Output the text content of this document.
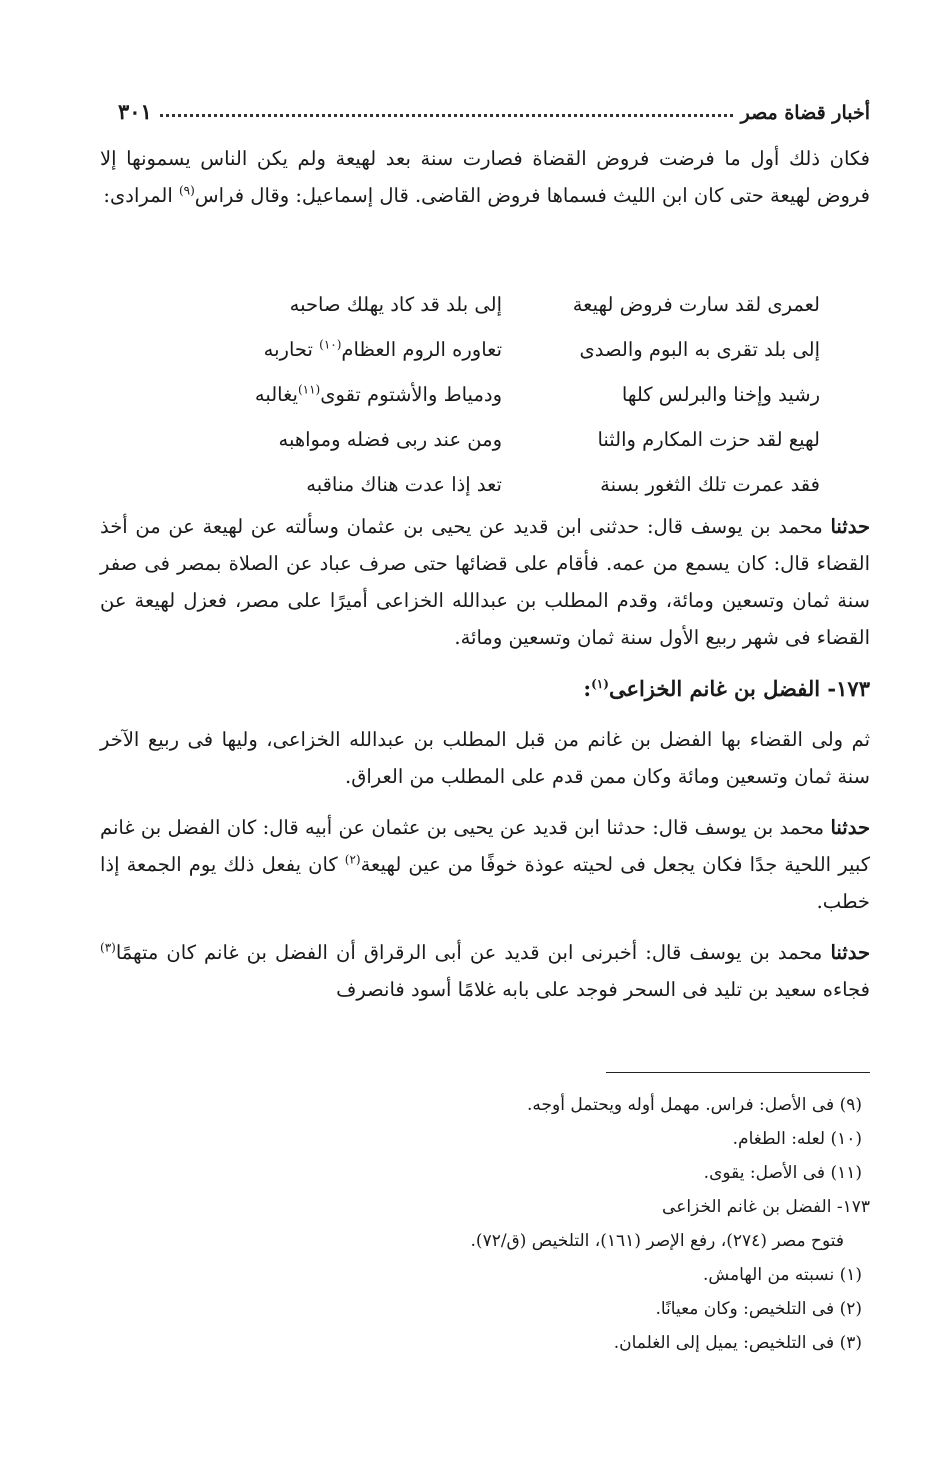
أخبار قضاة مصر
٣٠١

فكان ذلك أول ما فرضت فروض القضاة فصارت سنة بعد لهيعة ولم يكن الناس يسمونها إلا فروض لهيعة حتى كان ابن الليث فسماها فروض القاضى. قال إسماعيل: وقال فراس$^{(٩)}$ المرادى:

لعمرى لقد سارت فروض لهيعة
إلى بلد قد كاد يهلك صاحبه
إلى بلد تقرى به البوم والصدى
تعاوره الروم العظام$^{(١٠)}$ تحاربه
رشيد وإخنا والبرلس كلها
ودمياط والأشتوم تقوى$^{(١١)}$يغالبه
لهيع لقد حزت المكارم والثنا
ومن عند ربى فضله ومواهبه
فقد عمرت تلك الثغور بسنة
تعد إذا عدت هناك مناقبه

حدثنا محمد بن يوسف قال: حدثنى ابن قديد عن يحيى بن عثمان وسألته عن لهيعة عن من أخذ القضاء قال: كان يسمع من عمه. فأقام على قضائها حتى صرف عباد عن الصلاة بمصر فى صفر سنة ثمان وتسعين ومائة، وقدم المطلب بن عبدالله الخزاعى أميرًا على مصر، فعزل لهيعة عن القضاء فى شهر ربيع الأول سنة ثمان وتسعين ومائة.

١٧٣- الفضل بن غانم الخزاعى$^{(١)}$:

ثم ولى القضاء بها الفضل بن غانم من قبل المطلب بن عبدالله الخزاعى، وليها فى ربيع الآخر سنة ثمان وتسعين ومائة وكان ممن قدم على المطلب من العراق.

حدثنا محمد بن يوسف قال: حدثنا ابن قديد عن يحيى بن عثمان عن أبيه قال: كان الفضل بن غانم كبير اللحية جدًا فكان يجعل فى لحيته عوذة خوفًا من عين لهيعة$^{(٢)}$ كان يفعل ذلك يوم الجمعة إذا خطب.

حدثنا محمد بن يوسف قال: أخبرنى ابن قديد عن أبى الرقراق أن الفضل بن غانم كان متهمًا$^{(٣)}$ فجاءه سعيد بن تليد فى السحر فوجد على بابه غلامًا أسود فانصرف

(٩) فى الأصل: فراس. مهمل أوله ويحتمل أوجه.

(١٠) لعله: الطغام.

(١١) فى الأصل: يقوى.

١٧٣- الفضل بن غانم الخزاعى

فتوح مصر (٢٧٤)، رفع الإصر (١٦١)، التلخيص (ق/٧٢).

(١) نسبته من الهامش.

(٢) فى التلخيص: وكان معيانًا.

(٣) فى التلخيص: يميل إلى الغلمان.
